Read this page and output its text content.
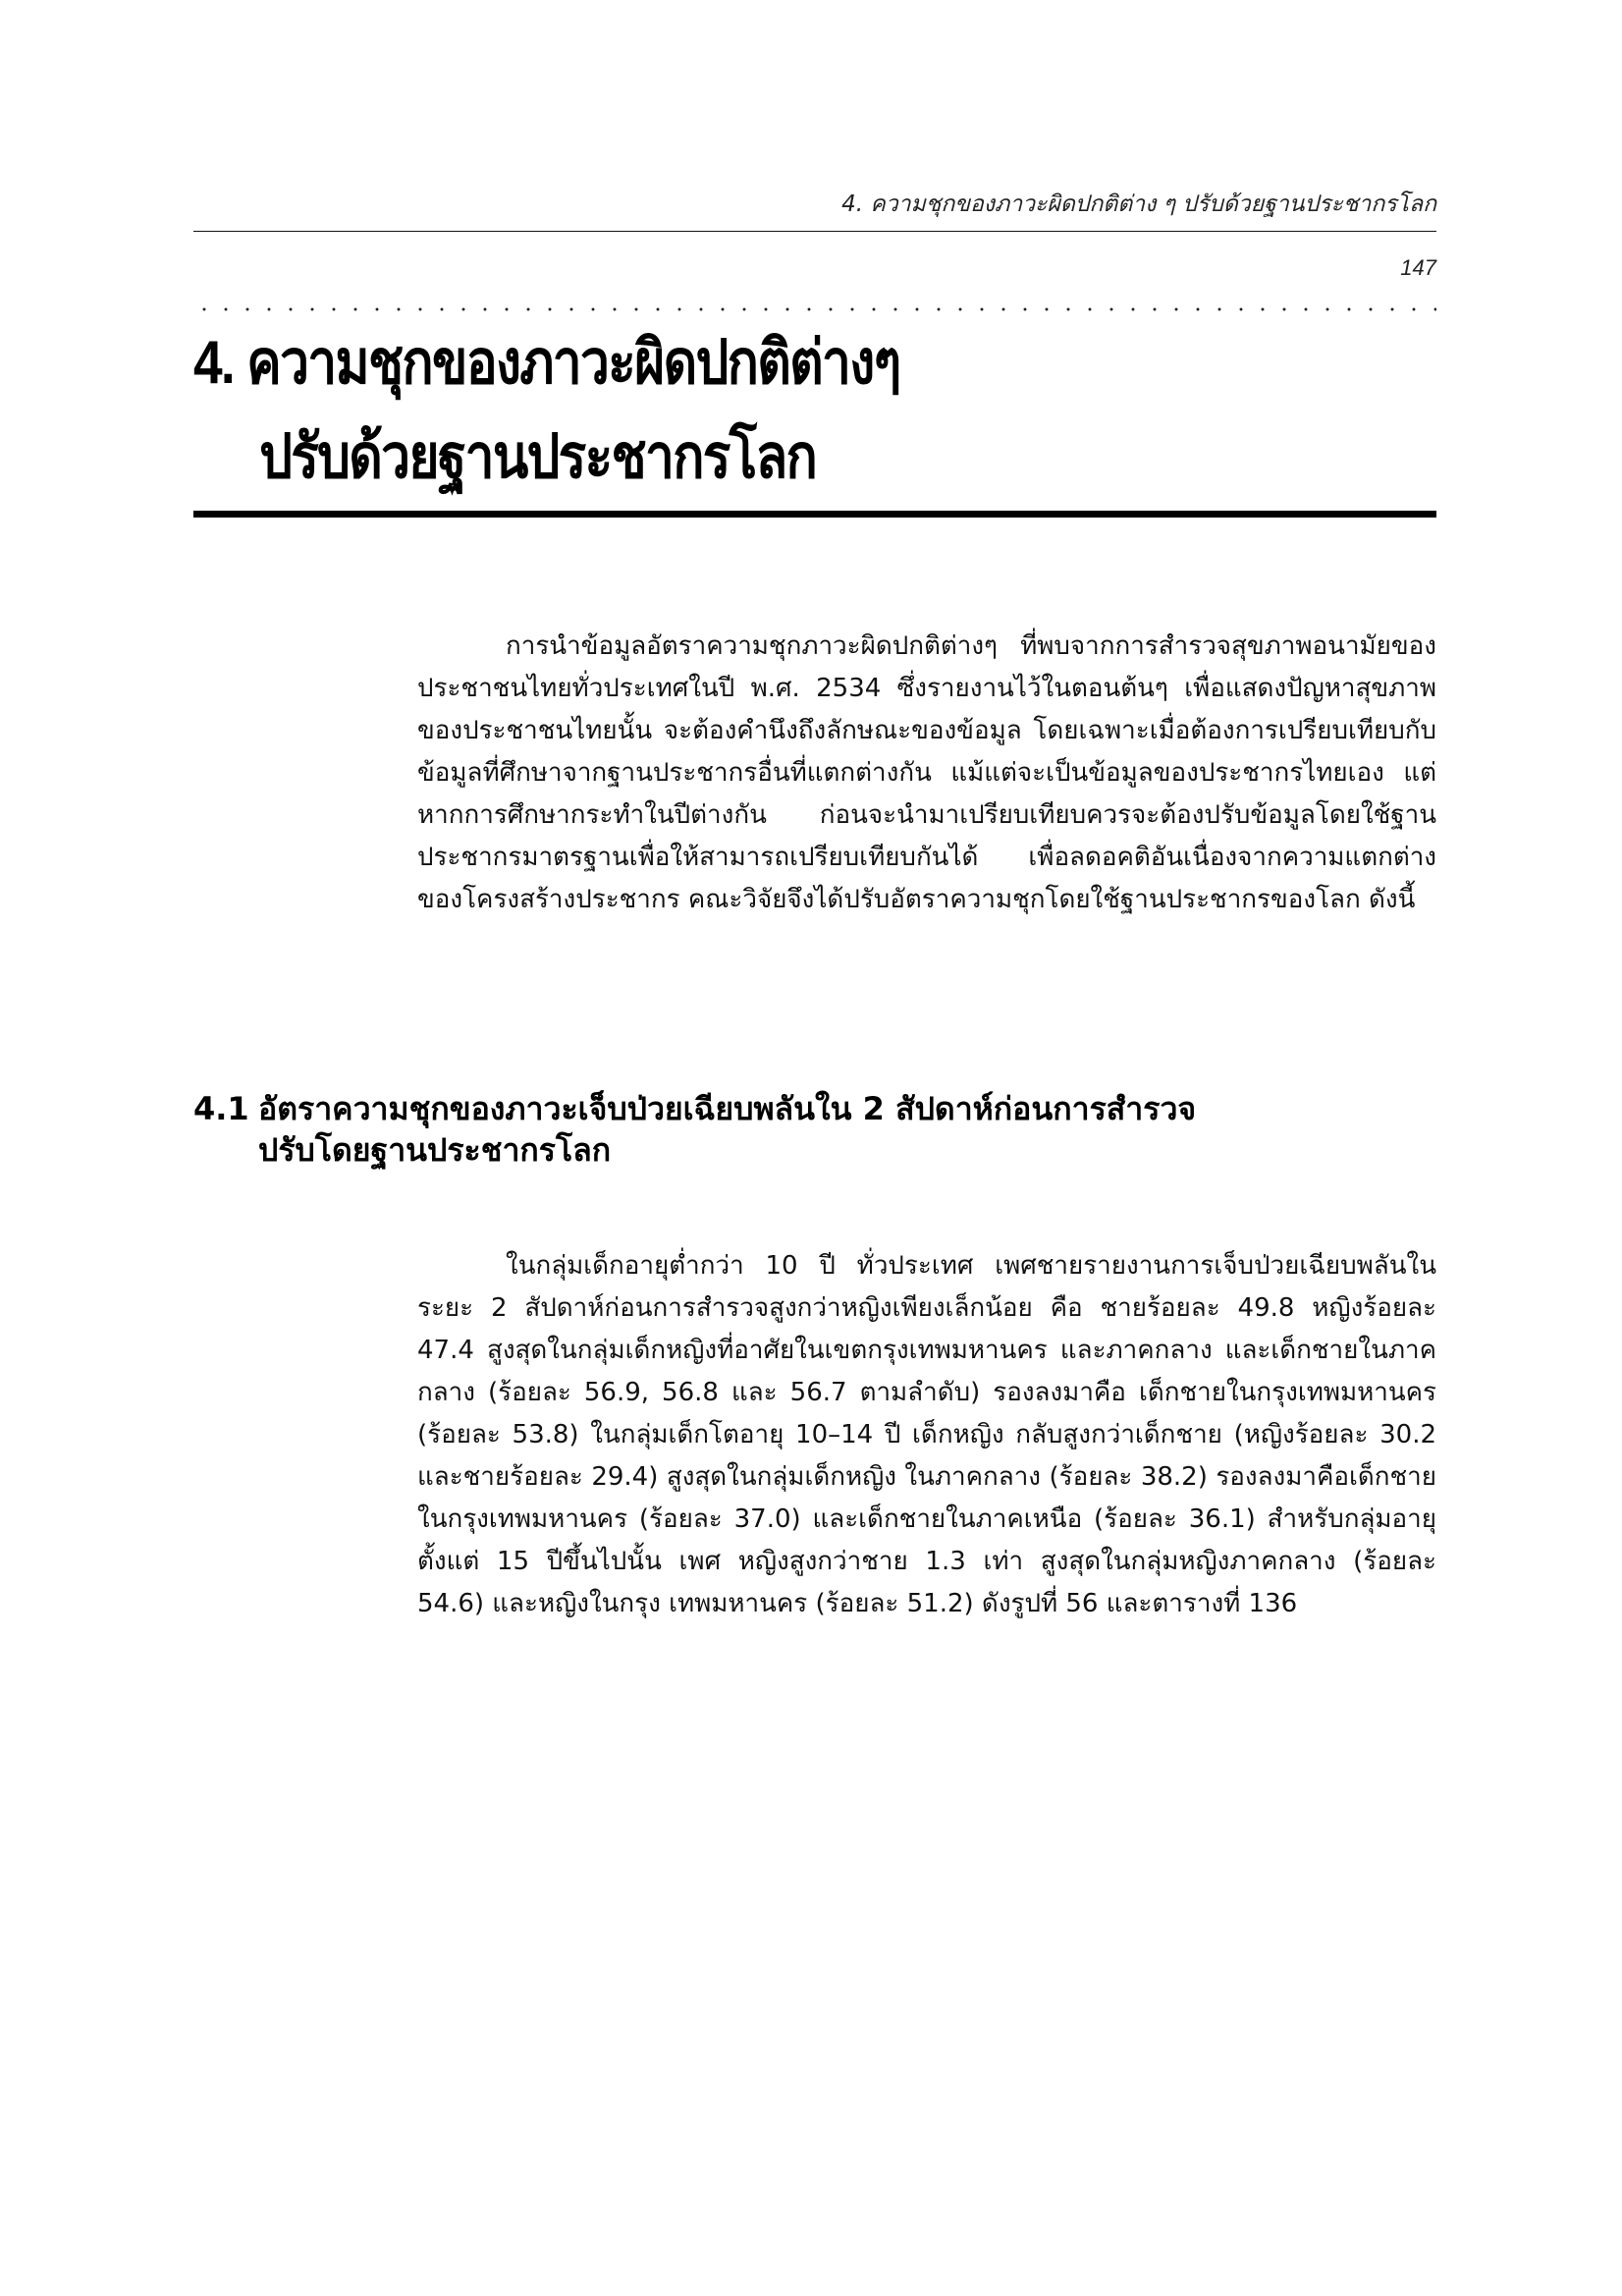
4. ความชุกของภาวะผิดปกติต่าง ๆ ปรับด้วยฐานประชากรโลก
147
4. ความชุกของภาวะผิดปกติต่างๆ
ปรับด้วยฐานประชากรโลก

การนำข้อมูลอัตราความชุกภาวะผิดปกติต่างๆ ที่พบจากการสำรวจสุขภาพอนามัยของประชาชนไทยทั่วประเทศในปี พ.ศ. 2534 ซึ่งรายงานไว้ในตอนต้นๆ เพื่อแสดงปัญหาสุขภาพของประชาชนไทยนั้น จะต้องคำนึงถึงลักษณะของข้อมูล โดยเฉพาะเมื่อต้องการเปรียบเทียบกับข้อมูลที่ศึกษาจากฐานประชากรอื่นที่แตกต่างกัน แม้แต่จะเป็นข้อมูลของประชากรไทยเอง แต่หากการศึกษากระทำในปีต่างกัน ก่อนจะนำมาเปรียบเทียบควรจะต้องปรับข้อมูลโดยใช้ฐานประชากรมาตรฐานเพื่อให้สามารถเปรียบเทียบกันได้ เพื่อลดอคติอันเนื่องจากความแตกต่างของโครงสร้างประชากร คณะวิจัยจึงได้ปรับอัตราความชุกโดยใช้ฐานประชากรของโลก ดังนี้

4.1 อัตราความชุกของภาวะเจ็บป่วยเฉียบพลันใน 2 สัปดาห์ก่อนการสำรวจ
ปรับโดยฐานประชากรโลก

ในกลุ่มเด็กอายุต่ำกว่า 10 ปี ทั่วประเทศ เพศชายรายงานการเจ็บป่วยเฉียบพลันในระยะ 2 สัปดาห์ก่อนการสำรวจสูงกว่าหญิงเพียงเล็กน้อย คือ ชายร้อยละ 49.8 หญิงร้อยละ 47.4 สูงสุดในกลุ่มเด็กหญิงที่อาศัยในเขตกรุงเทพมหานคร และภาคกลาง และเด็กชายในภาคกลาง (ร้อยละ 56.9, 56.8 และ 56.7 ตามลำดับ) รองลงมาคือ เด็กชายในกรุงเทพมหานคร (ร้อยละ 53.8) ในกลุ่มเด็กโตอายุ 10–14 ปี เด็กหญิง กลับสูงกว่าเด็กชาย (หญิงร้อยละ 30.2 และชายร้อยละ 29.4) สูงสุดในกลุ่มเด็กหญิง ในภาคกลาง (ร้อยละ 38.2) รองลงมาคือเด็กชายในกรุงเทพมหานคร (ร้อยละ 37.0) และเด็กชายในภาคเหนือ (ร้อยละ 36.1) สำหรับกลุ่มอายุตั้งแต่ 15 ปีขึ้นไปนั้น เพศ หญิงสูงกว่าชาย 1.3 เท่า สูงสุดในกลุ่มหญิงภาคกลาง (ร้อยละ 54.6) และหญิงในกรุง เทพมหานคร (ร้อยละ 51.2) ดังรูปที่ 56 และตารางที่ 136
